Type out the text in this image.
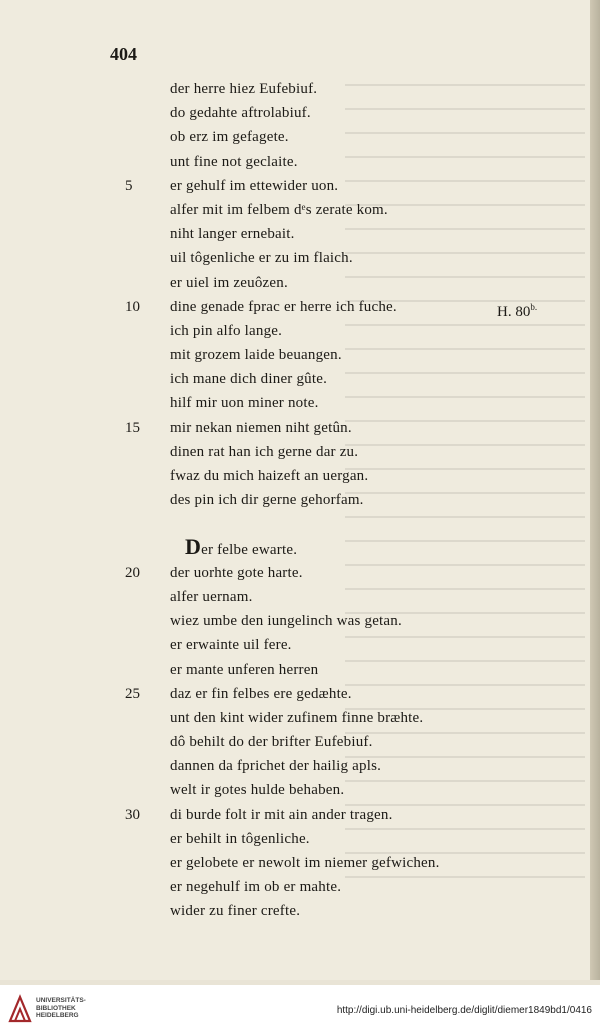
404
der herre hiez Eufebiuf.
do gedahte aftrolabiuf.
ob erz im gefagete.
unt fine not geclaite.
5	er gehulf im ettewider uon.
alfer mit im felbem dᵉs zerate kom.
niht langer ernebait.
uil tôgenliche er zu im flaich.
er uiel im zeuôzen.
10	dine genade fprac er herre ich fuche.	H. $80^{b.}$
ich pin alfo lange.
mit grozem laide beuangen.
ich mane dich diner gûte.
hilf mir uon miner note.
15	mir nekan niemen niht getûn.
dinen rat han ich gerne dar zu.
fwaz du mich haizeft an uergan.
des pin ich dir gerne gehorfam.
Der felbe ewarte.
20	der uorhte gote harte.
alfer uernam.
wiez umbe den iungelinch was getan.
er erwainte uil fere.
er mante unferen herren
25	daz er fin felbes ere gedæhte.
unt den kint wider zufinem finne bræhte.
dô behilt do der brifter Eufebiuf.
dannen da fprichet der hailig apls.
welt ir gotes hulde behaben.
30	di burde folt ir mit ain ander tragen.
er behilt in tôgenliche.
er gelobete er newolt im niemer gefwichen.
er negehulf im ob er mahte.
wider zu finer crefte.
UNIVERSITÄTS-
BIBLIOTHEK
HEIDELBERG	http://digi.ub.uni-heidelberg.de/diglit/diemer1849bd1/0416
